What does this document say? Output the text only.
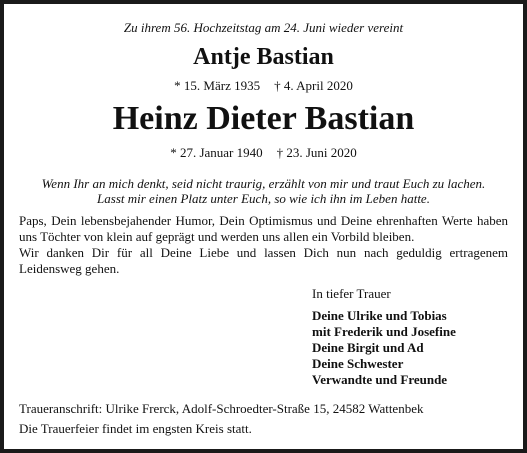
Zu ihrem 56. Hochzeitstag am 24. Juni wieder vereint
Antje Bastian
* 15. März 1935 † 4. April 2020
Heinz Dieter Bastian
* 27. Januar 1940 † 23. Juni 2020
Wenn Ihr an mich denkt, seid nicht traurig, erzählt von mir und traut Euch zu lachen.
Lasst mir einen Platz unter Euch, so wie ich ihn im Leben hatte.

Paps, Dein lebensbejahender Humor, Dein Optimismus und Deine ehrenhaften Werte haben uns Töchter von klein auf geprägt und werden uns allen ein Vorbild bleiben.

Wir danken Dir für all Deine Liebe und lassen Dich nun nach geduldig ertragenem Leidensweg gehen.

In tiefer Trauer
Deine Ulrike und Tobias
mit Frederik und Josefine
Deine Birgit und Ad
Deine Schwester
Verwandte und Freunde
Traueranschrift: Ulrike Frerck, Adolf-Schroedter-Straße 15, 24582 Wattenbek
Die Trauerfeier findet im engsten Kreis statt.
